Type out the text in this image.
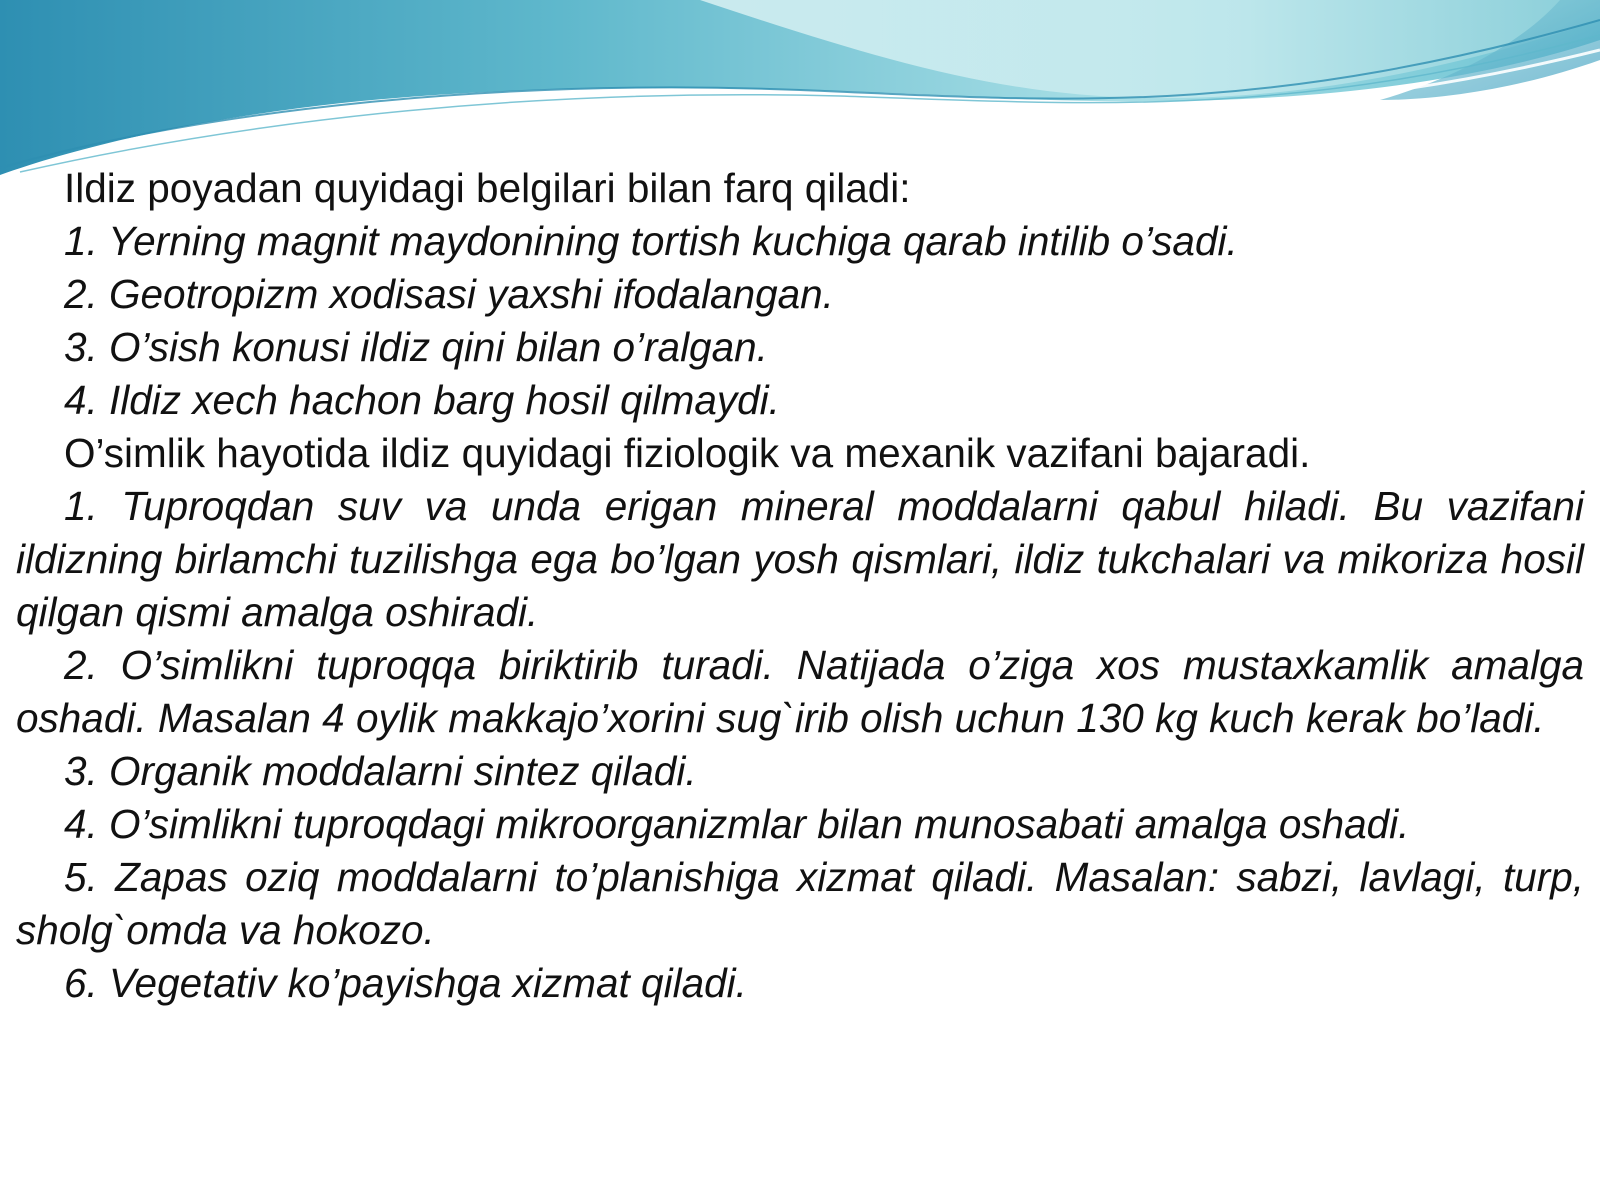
Ildiz poyadan quyidagi belgilari bilan farq qiladi:

1. Yerning magnit maydonining tortish kuchiga qarab intilib o’sadi.

2. Geotropizm xodisasi yaxshi ifodalangan.

3. O’sish konusi ildiz qini bilan o’ralgan.

4. Ildiz xech hachon barg hosil qilmaydi.

O’simlik hayotida ildiz quyidagi fiziologik va mexanik vazifani bajaradi.

1. Tuproqdan suv va unda erigan mineral moddalarni qabul hiladi. Bu vazifani ildizning birlamchi tuzilishga ega bo’lgan yosh qismlari, ildiz tukchalari va mikoriza hosil qilgan qismi amalga oshiradi.

2. O’simlikni tuproqqa biriktirib turadi. Natijada o’ziga xos mustaxkamlik amalga oshadi. Masalan 4 oylik makkajo’xorini sug`irib olish uchun 130 kg kuch kerak bo’ladi.

3. Organik moddalarni sintez qiladi.

4. O’simlikni tuproqdagi mikroorganizmlar bilan munosabati amalga oshadi.

5. Zapas oziq moddalarni to’planishiga xizmat qiladi. Masalan: sabzi, lavlagi, turp, sholg`omda va hokozo.

6. Vegetativ ko’payishga xizmat qiladi.
